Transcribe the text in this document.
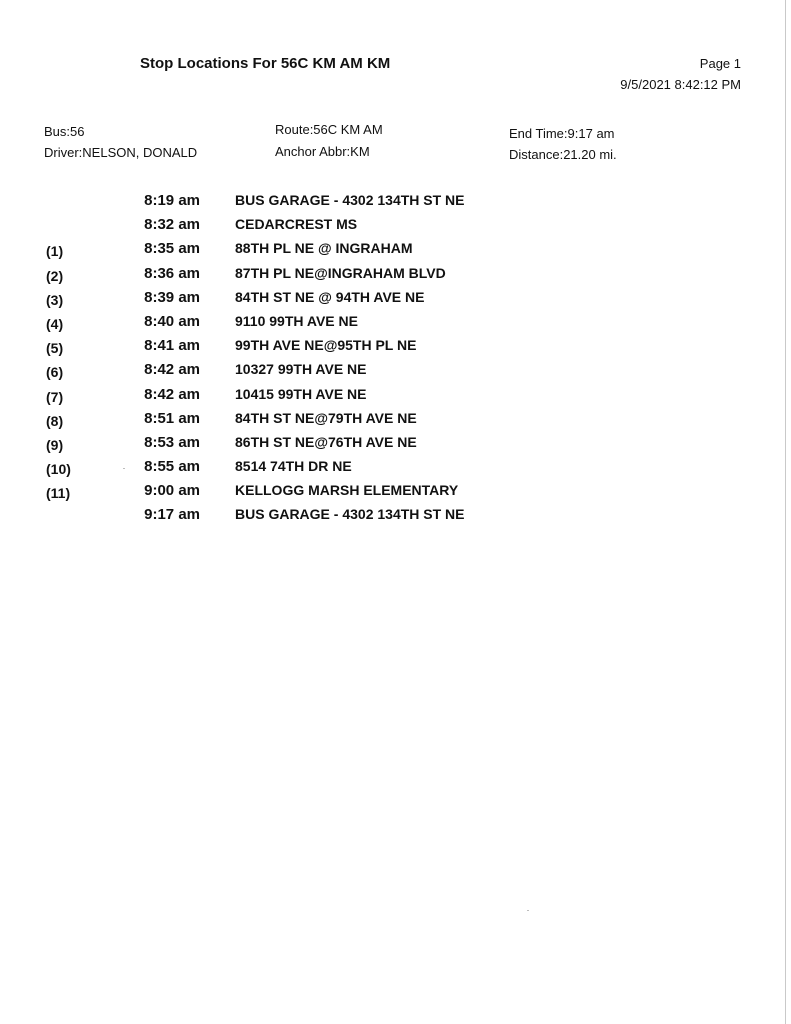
Stop Locations For 56C KM AM KM	Page 1
9/5/2021 8:42:12 PM
Bus:56
Driver:NELSON, DONALD
Route:56C KM AM
Anchor Abbr:KM
End Time:9:17 am
Distance:21.20 mi.
8:19 am	BUS GARAGE - 4302 134TH ST NE
8:32 am	CEDARCREST MS
(1)	8:35 am	88TH PL NE @ INGRAHAM
(2)	8:36 am	87TH PL NE@INGRAHAM BLVD
(3)	8:39 am	84TH ST NE @ 94TH AVE NE
(4)	8:40 am	9110 99TH AVE NE
(5)	8:41 am	99TH AVE NE@95TH PL NE
(6)	8:42 am	10327 99TH AVE NE
(7)	8:42 am	10415 99TH AVE NE
(8)	8:51 am	84TH ST NE@79TH AVE NE
(9)	8:53 am	86TH ST NE@76TH AVE NE
(10)	8:55 am	8514 74TH DR NE
(11)	9:00 am	KELLOGG MARSH ELEMENTARY
9:17 am	BUS GARAGE - 4302 134TH ST NE
